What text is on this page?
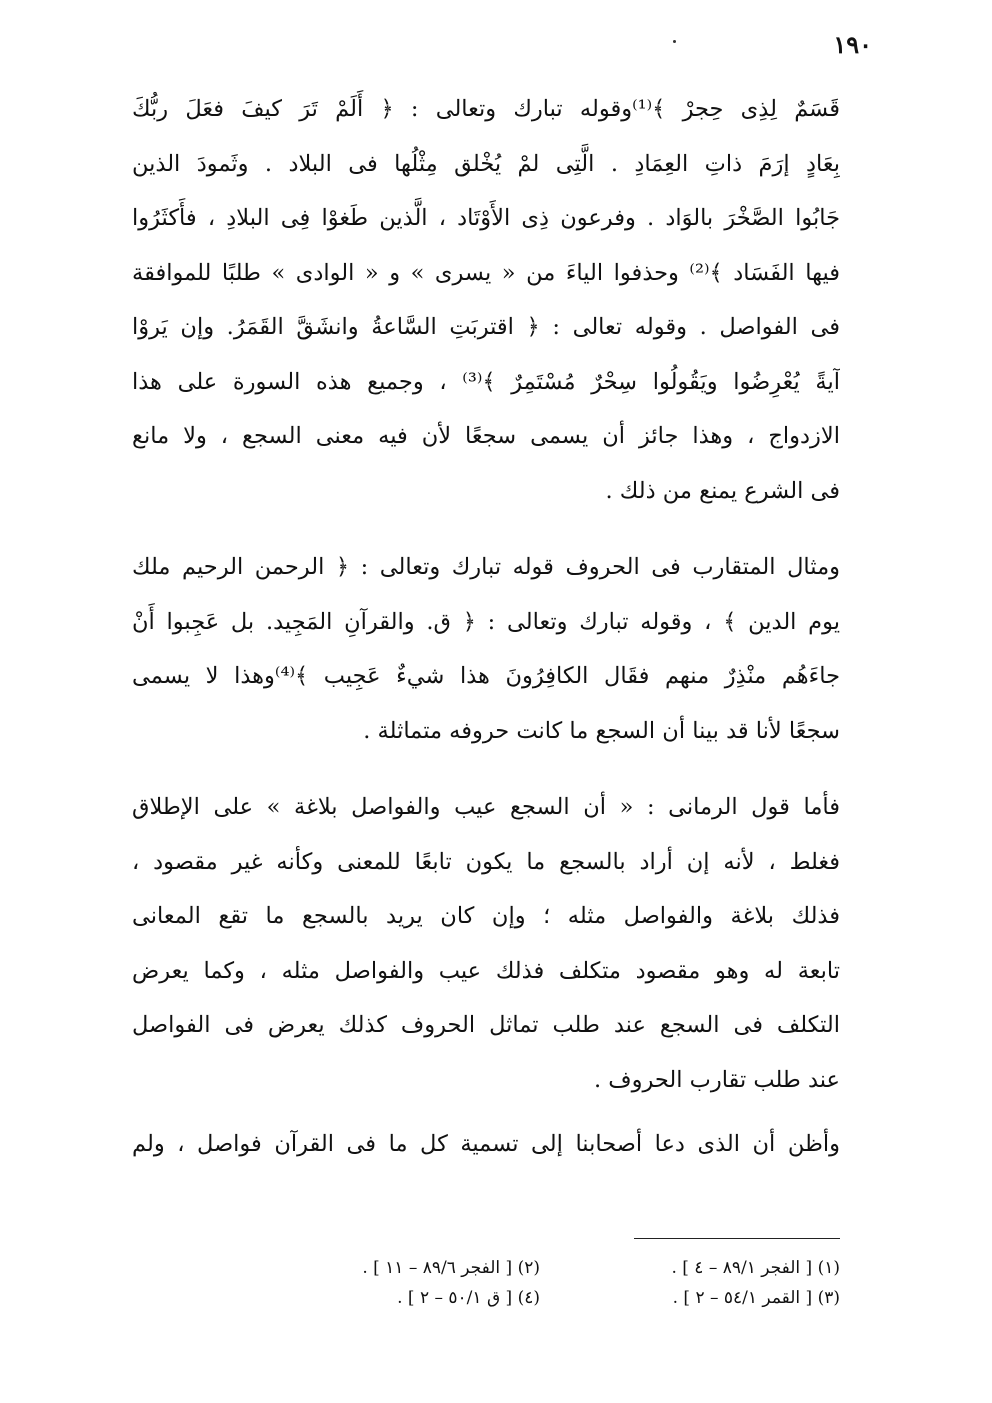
١٩٠
قَسَمٌ لِذِى حِجرْ ﴾⁽¹⁾وقوله تبارك وتعالى : ﴿ أَلَمْ تَرَ كيفَ فعَلَ ربُّكَ
بِعَادٍ إرَمَ ذاتِ العِمَادِ . الَّتِى لمْ يُخْلق مِثْلُها فى البلاد . وثَمودَ الذين
جَابُوا الصَّخْرَ بالوَاد . وفرعون ذِى الأَوْتَاد ، الَّذين طَغوْا فِى البلادِ ، فأَكثَرُوا
فيها الفَسَاد ﴾⁽²⁾ وحذفوا الياءَ من « يسرى » و « الوادى » طلبًا للموافقة
فى الفواصل . وقوله تعالى : ﴿ اقتربَتِ السَّاعةُ وانشَقَّ القَمَرُ. وإن يَروْا
آيةً يُعْرِضُوا ويَقُولُوا سِحْرٌ مُسْتَمِرٌ ﴾⁽³⁾ ، وجميع هذه السورة على هذا
الازدواج ، وهذا جائز أن يسمى سجعًا لأن فيه معنى السجع ، ولا مانع
فى الشرع يمنع من ذلك .
ومثال المتقارب فى الحروف قوله تبارك وتعالى : ﴿ الرحمن الرحيم ملك
يوم الدين ﴾ ، وقوله تبارك وتعالى : ﴿ ق. والقرآنِ المَجِيد. بل عَجِبوا أَنْ
جاءَهُم منْذِرٌ منهم فقَال الكافِرُونَ هذا شيءٌ عَجِيب ﴾⁽⁴⁾وهذا لا يسمى
سجعًا لأنا قد بينا أن السجع ما كانت حروفه متماثلة .
فأما قول الرمانى : « أن السجع عيب والفواصل بلاغة » على الإطلاق
فغلط ، لأنه إن أراد بالسجع ما يكون تابعًا للمعنى وكأنه غير مقصود ،
فذلك بلاغة والفواصل مثله ؛ وإن كان يريد بالسجع ما تقع المعانى
تابعة له وهو مقصود متكلف فذلك عيب والفواصل مثله ، وكما يعرض
التكلف فى السجع عند طلب تماثل الحروف كذلك يعرض فى الفواصل
عند طلب تقارب الحروف .
وأظن أن الذى دعا أصحابنا إلى تسمية كل ما فى القرآن فواصل ، ولم
(١) [ الفجر ٨٩/١ – ٤ ] .
(٢) [ الفجر ٨٩/٦ – ١١ ] .
(٣) [ القمر ٥٤/١ – ٢ ] .
(٤) [ ق ٥٠/١ – ٢ ] .
